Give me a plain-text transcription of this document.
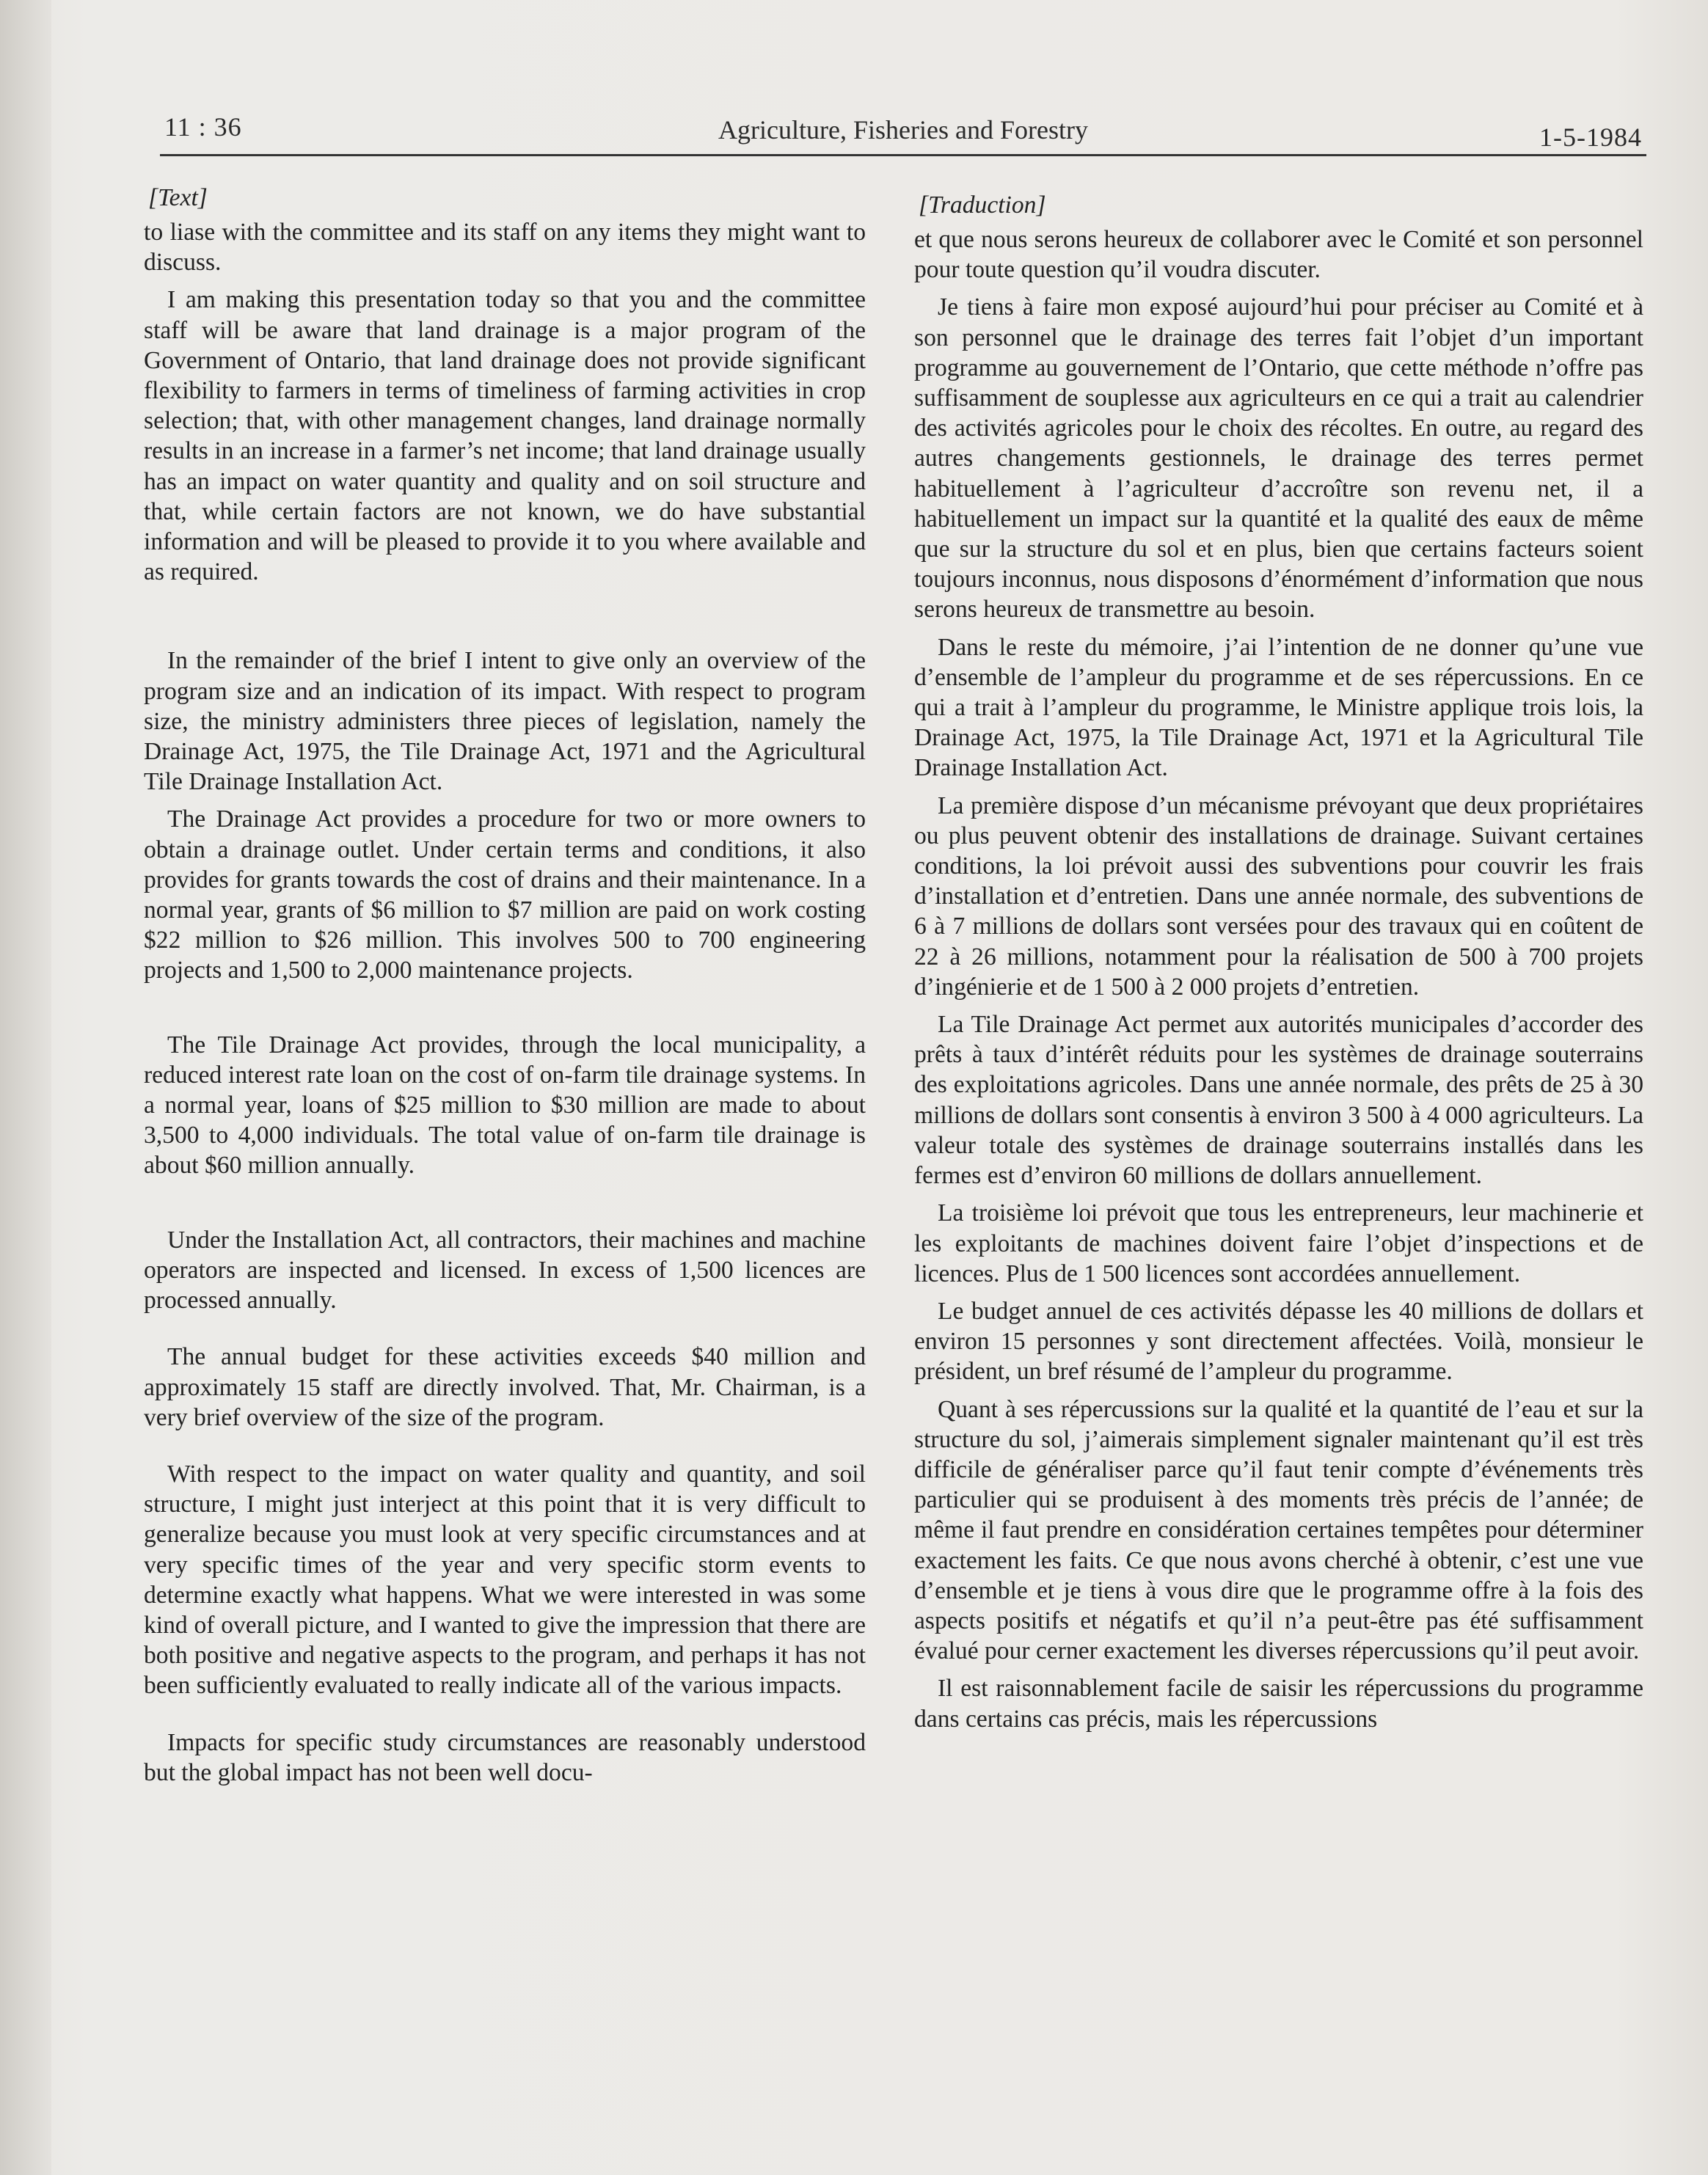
11 : 36	Agriculture, Fisheries and Forestry	1-5-1984
[Text]

to liase with the committee and its staff on any items they might want to discuss.

I am making this presentation today so that you and the committee staff will be aware that land drainage is a major program of the Government of Ontario, that land drainage does not provide significant flexibility to farmers in terms of timeliness of farming activities in crop selection; that, with other management changes, land drainage normally results in an increase in a farmer’s net income; that land drainage usually has an impact on water quantity and quality and on soil structure and that, while certain factors are not known, we do have substantial information and will be pleased to provide it to you where available and as required.

In the remainder of the brief I intent to give only an overview of the program size and an indication of its impact. With respect to program size, the ministry administers three pieces of legislation, namely the Drainage Act, 1975, the Tile Drainage Act, 1971 and the Agricultural Tile Drainage Installation Act.

The Drainage Act provides a procedure for two or more owners to obtain a drainage outlet. Under certain terms and conditions, it also provides for grants towards the cost of drains and their maintenance. In a normal year, grants of $6 million to $7 million are paid on work costing $22 million to $26 million. This involves 500 to 700 engineering projects and 1,500 to 2,000 maintenance projects.

The Tile Drainage Act provides, through the local municipality, a reduced interest rate loan on the cost of on-farm tile drainage systems. In a normal year, loans of $25 million to $30 million are made to about 3,500 to 4,000 individuals. The total value of on-farm tile drainage is about $60 million annually.

Under the Installation Act, all contractors, their machines and machine operators are inspected and licensed. In excess of 1,500 licences are processed annually.

The annual budget for these activities exceeds $40 million and approximately 15 staff are directly involved. That, Mr. Chairman, is a very brief overview of the size of the program.

With respect to the impact on water quality and quantity, and soil structure, I might just interject at this point that it is very difficult to generalize because you must look at very specific circumstances and at very specific times of the year and very specific storm events to determine exactly what happens. What we were interested in was some kind of overall picture, and I wanted to give the impression that there are both positive and negative aspects to the program, and perhaps it has not been sufficiently evaluated to really indicate all of the various impacts.

Impacts for specific study circumstances are reasonably understood but the global impact has not been well docu-

[Traduction]

et que nous serons heureux de collaborer avec le Comité et son personnel pour toute question qu’il voudra discuter.

Je tiens à faire mon exposé aujourd’hui pour préciser au Comité et à son personnel que le drainage des terres fait l’objet d’un important programme au gouvernement de l’Ontario, que cette méthode n’offre pas suffisamment de souplesse aux agriculteurs en ce qui a trait au calendrier des activités agricoles pour le choix des récoltes. En outre, au regard des autres changements gestionnels, le drainage des terres permet habituellement à l’agriculteur d’accroître son revenu net, il a habituellement un impact sur la quantité et la qualité des eaux de même que sur la structure du sol et en plus, bien que certains facteurs soient toujours inconnus, nous disposons d’énormément d’information que nous serons heureux de transmettre au besoin.

Dans le reste du mémoire, j’ai l’intention de ne donner qu’une vue d’ensemble de l’ampleur du programme et de ses répercussions. En ce qui a trait à l’ampleur du programme, le Ministre applique trois lois, la Drainage Act, 1975, la Tile Drainage Act, 1971 et la Agricultural Tile Drainage Installation Act.

La première dispose d’un mécanisme prévoyant que deux propriétaires ou plus peuvent obtenir des installations de drainage. Suivant certaines conditions, la loi prévoit aussi des subventions pour couvrir les frais d’installation et d’entretien. Dans une année normale, des subventions de 6 à 7 millions de dollars sont versées pour des travaux qui en coûtent de 22 à 26 millions, notamment pour la réalisation de 500 à 700 projets d’ingénierie et de 1 500 à 2 000 projets d’entretien.

La Tile Drainage Act permet aux autorités municipales d’accorder des prêts à taux d’intérêt réduits pour les systèmes de drainage souterrains des exploitations agricoles. Dans une année normale, des prêts de 25 à 30 millions de dollars sont consentis à environ 3 500 à 4 000 agriculteurs. La valeur totale des systèmes de drainage souterrains installés dans les fermes est d’environ 60 millions de dollars annuellement.

La troisième loi prévoit que tous les entrepreneurs, leur machinerie et les exploitants de machines doivent faire l’objet d’inspections et de licences. Plus de 1 500 licences sont accordées annuellement.

Le budget annuel de ces activités dépasse les 40 millions de dollars et environ 15 personnes y sont directement affectées. Voilà, monsieur le président, un bref résumé de l’ampleur du programme.

Quant à ses répercussions sur la qualité et la quantité de l’eau et sur la structure du sol, j’aimerais simplement signaler maintenant qu’il est très difficile de généraliser parce qu’il faut tenir compte d’événements très particulier qui se produisent à des moments très précis de l’année; de même il faut prendre en considération certaines tempêtes pour déterminer exactement les faits. Ce que nous avons cherché à obtenir, c’est une vue d’ensemble et je tiens à vous dire que le programme offre à la fois des aspects positifs et négatifs et qu’il n’a peut-être pas été suffisamment évalué pour cerner exactement les diverses répercussions qu’il peut avoir.

Il est raisonnablement facile de saisir les répercussions du programme dans certains cas précis, mais les répercussions
